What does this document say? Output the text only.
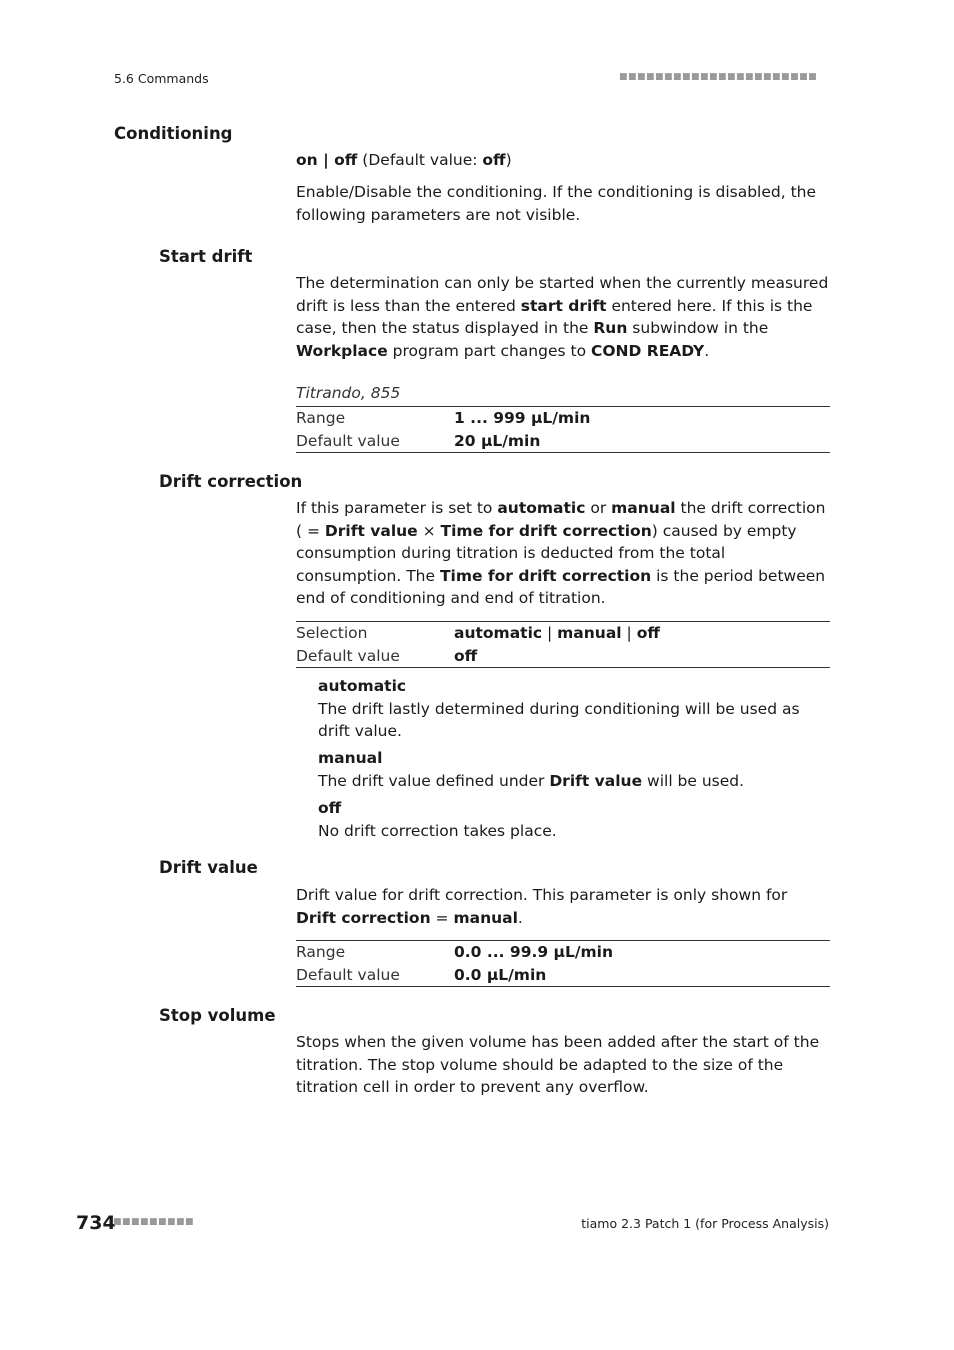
5.6 Commands	■■■■■■■■■■■■■■■■■■■■■■
Conditioning
on | off (Default value: off)
Enable/Disable the conditioning. If the conditioning is disabled, the following parameters are not visible.
Start drift
The determination can only be started when the currently measured drift is less than the entered start drift entered here. If this is the case, then the status displayed in the Run subwindow in the Workplace program part changes to COND READY.
Titrando, 855
Range	1 ... 999 µL/min
Default value	20 µL/min
Drift correction
If this parameter is set to automatic or manual the drift correction ( = Drift value × Time for drift correction) caused by empty consumption during titration is deducted from the total consumption. The Time for drift correction is the period between end of conditioning and end of titration.
Selection	automatic | manual | off
Default value	off
automatic
The drift lastly determined during conditioning will be used as drift value.
manual
The drift value defined under Drift value will be used.
off
No drift correction takes place.
Drift value
Drift value for drift correction. This parameter is only shown for Drift correction = manual.
Range	0.0 ... 99.9 µL/min
Default value	0.0 µL/min
Stop volume
Stops when the given volume has been added after the start of the titration. The stop volume should be adapted to the size of the titration cell in order to prevent any overflow.
734
■■■■■■■■■	tiamo 2.3 Patch 1 (for Process Analysis)
